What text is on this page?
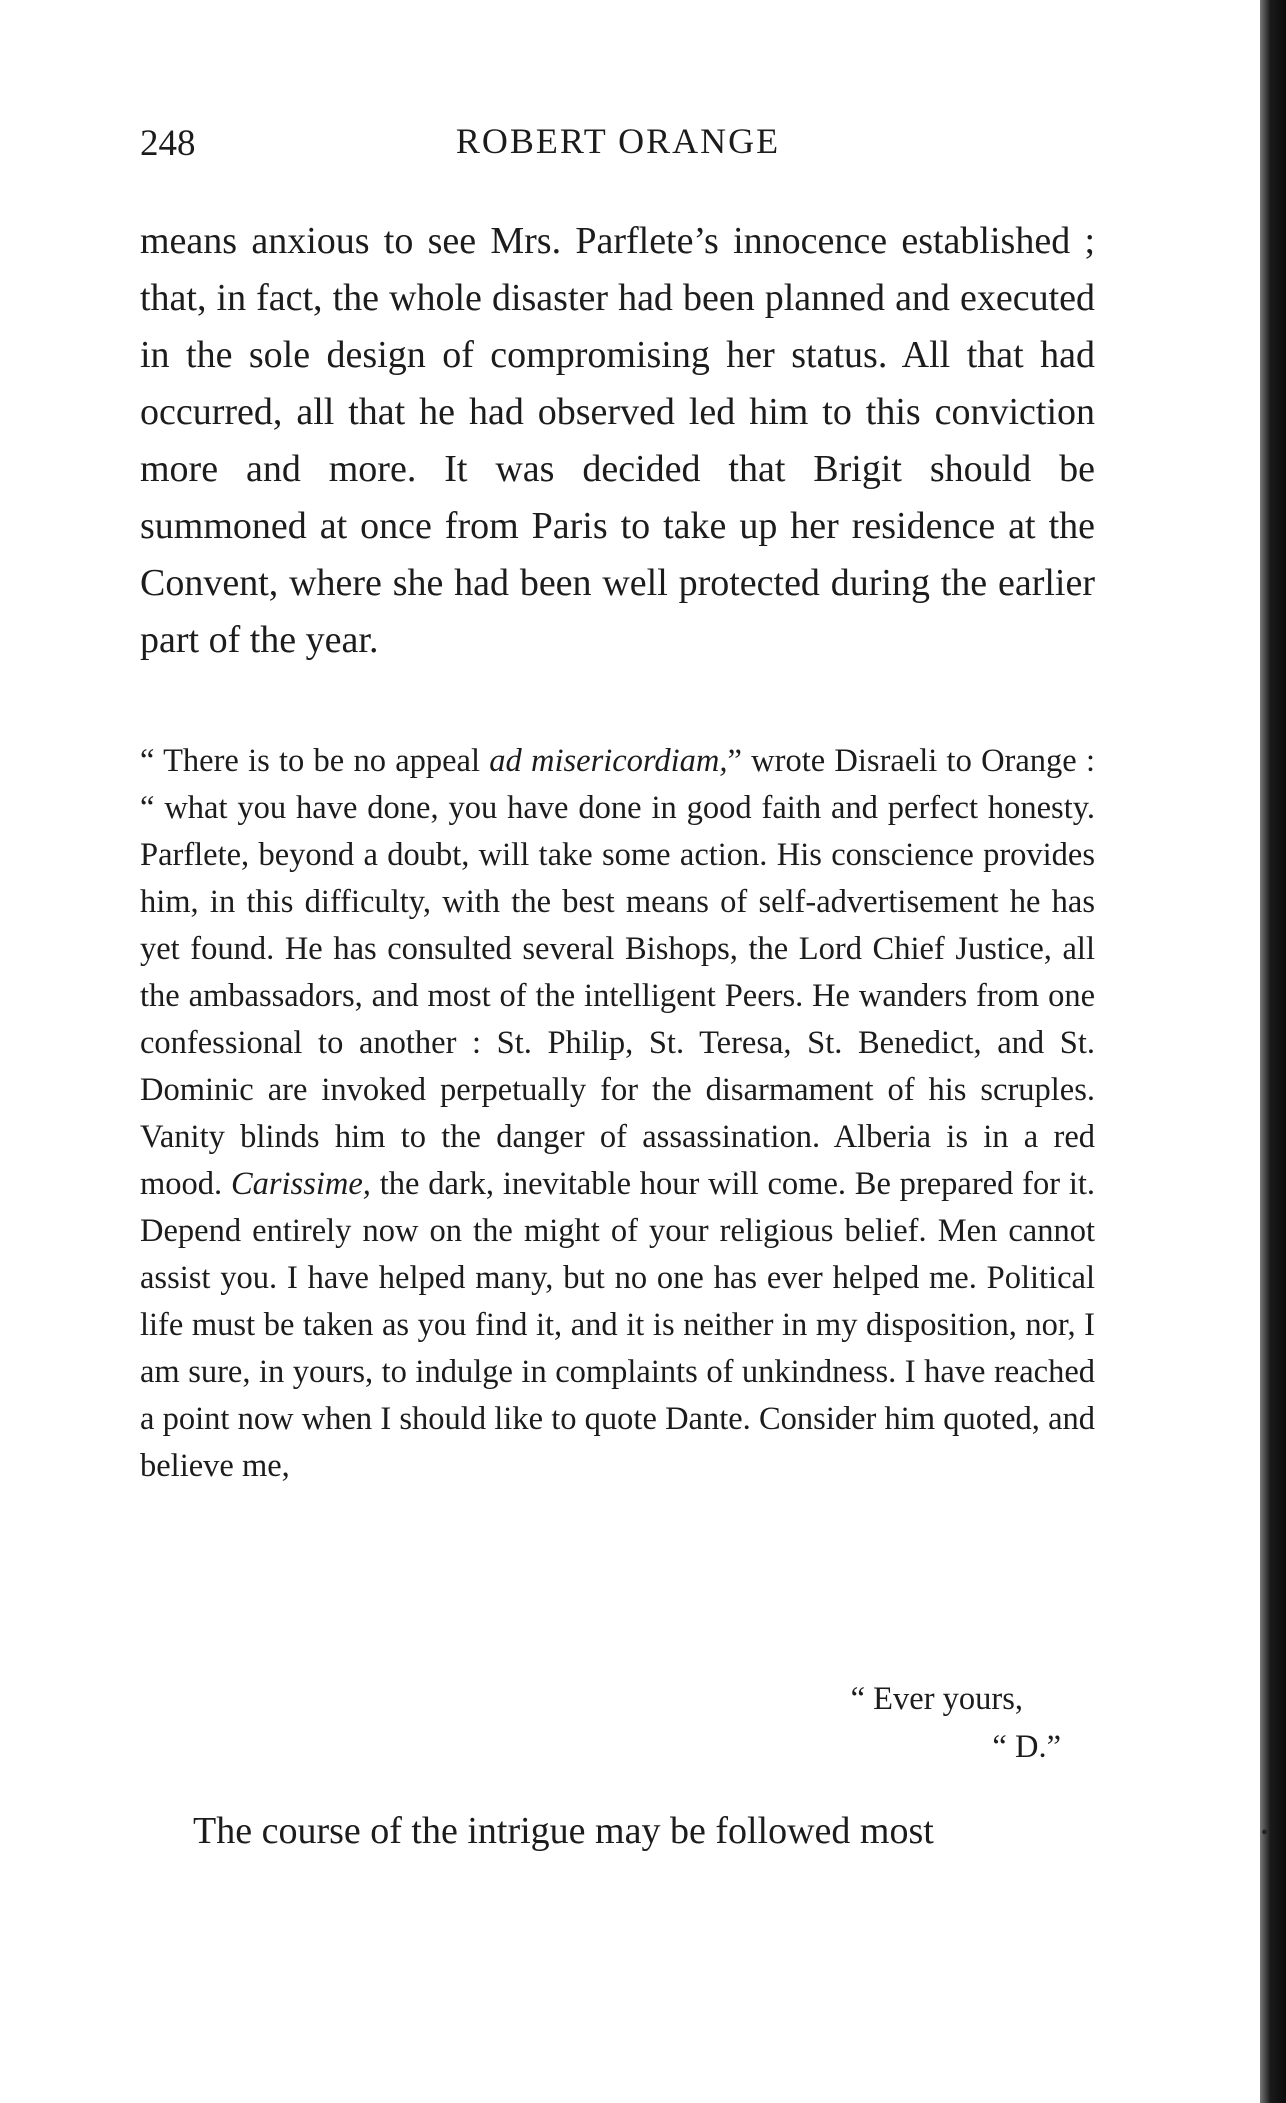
248	ROBERT ORANGE

means anxious to see Mrs. Parflete’s innocence established ; that, in fact, the whole disaster had been planned and executed in the sole design of compromising her status. All that had occurred, all that he had observed led him to this conviction more and more. It was decided that Brigit should be summoned at once from Paris to take up her residence at the Convent, where she had been well protected during the earlier part of the year.

“ There is to be no appeal ad misericordiam,” wrote Disraeli to Orange : “ what you have done, you have done in good faith and perfect honesty. Parflete, beyond a doubt, will take some action. His conscience provides him, in this difficulty, with the best means of self-advertisement he has yet found. He has consulted several Bishops, the Lord Chief Justice, all the ambassadors, and most of the intelligent Peers. He wanders from one confessional to another : St. Philip, St. Teresa, St. Benedict, and St. Dominic are invoked perpetually for the disarmament of his scruples. Vanity blinds him to the danger of assassination. Alberia is in a red mood. Carissime, the dark, inevitable hour will come. Be prepared for it. Depend entirely now on the might of your religious belief. Men cannot assist you. I have helped many, but no one has ever helped me. Political life must be taken as you find it, and it is neither in my disposition, nor, I am sure, in yours, to indulge in complaints of unkindness. I have reached a point now when I should like to quote Dante. Consider him quoted, and believe me,

“ Ever yours,
“ D.”

The course of the intrigue may be followed most	•
